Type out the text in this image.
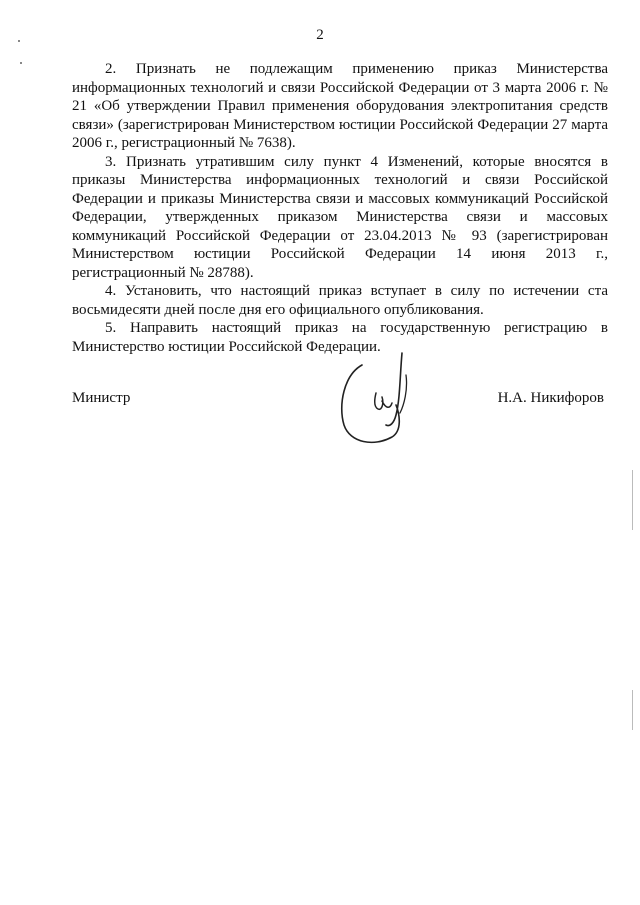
2

2. Признать не подлежащим применению приказ Министерства информационных технологий и связи Российской Федерации от 3 марта 2006 г. № 21 «Об утверждении Правил применения оборудования электропитания средств связи» (зарегистрирован Министерством юстиции Российской Федерации 27 марта 2006 г., регистрационный № 7638).

3. Признать утратившим силу пункт 4 Изменений, которые вносятся в приказы Министерства информационных технологий и связи Российской Федерации и приказы Министерства связи и массовых коммуникаций Российской Федерации, утвержденных приказом Министерства связи и массовых коммуникаций Российской Федерации от 23.04.2013 № 93 (зарегистрирован Министерством юстиции Российской Федерации 14 июня 2013 г., регистрационный № 28788).

4. Установить, что настоящий приказ вступает в силу по истечении ста восьмидесяти дней после дня его официального опубликования.

5. Направить настоящий приказ на государственную регистрацию в Министерство юстиции Российской Федерации.

Министр	Н.А. Никифоров
